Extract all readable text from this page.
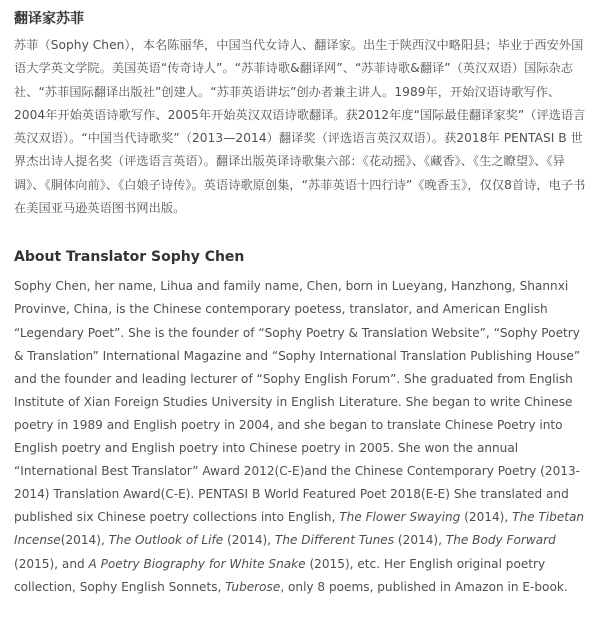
翻译家苏菲

苏菲（Sophy Chen），本名陈丽华，中国当代女诗人、翻译家。出生于陕西汉中略阳县；毕业于西安外国语大学英文学院。美国英语“传奇诗人”。“苏菲诗歌&翻译网”、“苏菲诗歌&翻译”（英汉双语）国际杂志社、“苏菲国际翻译出版社”创建人。“苏菲英语讲坛”创办者兼主讲人。1989年，开始汉语诗歌写作、2004年开始英语诗歌写作、2005年开始英汉双语诗歌翻译。获2012年度“国际最佳翻译家奖”（评选语言英汉双语）。“中国当代诗歌奖”（2013—2014）翻译奖（评选语言英汉双语）。获2018年 PENTASI B 世界杰出诗人提名奖（评选语言英语）。翻译出版英译诗歌集六部：《花动摇》、《藏香》、《生之瞭望》、《异调》、《胴体向前》、《白娘子诗传》。英语诗歌原创集，“苏菲英语十四行诗”《晚香玉》，仅仅8首诗，电子书在美国亚马逊英语图书网出版。

About Translator Sophy Chen

Sophy Chen, her name, Lihua and family name, Chen, born in Lueyang, Hanzhong, Shannxi Provinve, China, is the Chinese contemporary poetess, translator, and American English “Legendary Poet”. She is the founder of “Sophy Poetry & Translation Website”, “Sophy Poetry & Translation” International Magazine and “Sophy International Translation Publishing House” and the founder and leading lecturer of “Sophy English Forum”. She graduated from English Institute of Xian Foreign Studies University in English Literature. She began to write Chinese poetry in 1989 and English poetry in 2004, and she began to translate Chinese Poetry into English poetry and English poetry into Chinese poetry in 2005. She won the annual “International Best Translator” Award 2012(C-E)and the Chinese Contemporary Poetry (2013-2014) Translation Award(C-E). PENTASI B World Featured Poet 2018(E-E) She translated and published six Chinese poetry collections into English, The Flower Swaying (2014), The Tibetan Incense(2014), The Outlook of Life (2014), The Different Tunes (2014), The Body Forward (2015), and A Poetry Biography for White Snake (2015), etc. Her English original poetry collection, Sophy English Sonnets, Tuberose, only 8 poems, published in Amazon in E-book.
